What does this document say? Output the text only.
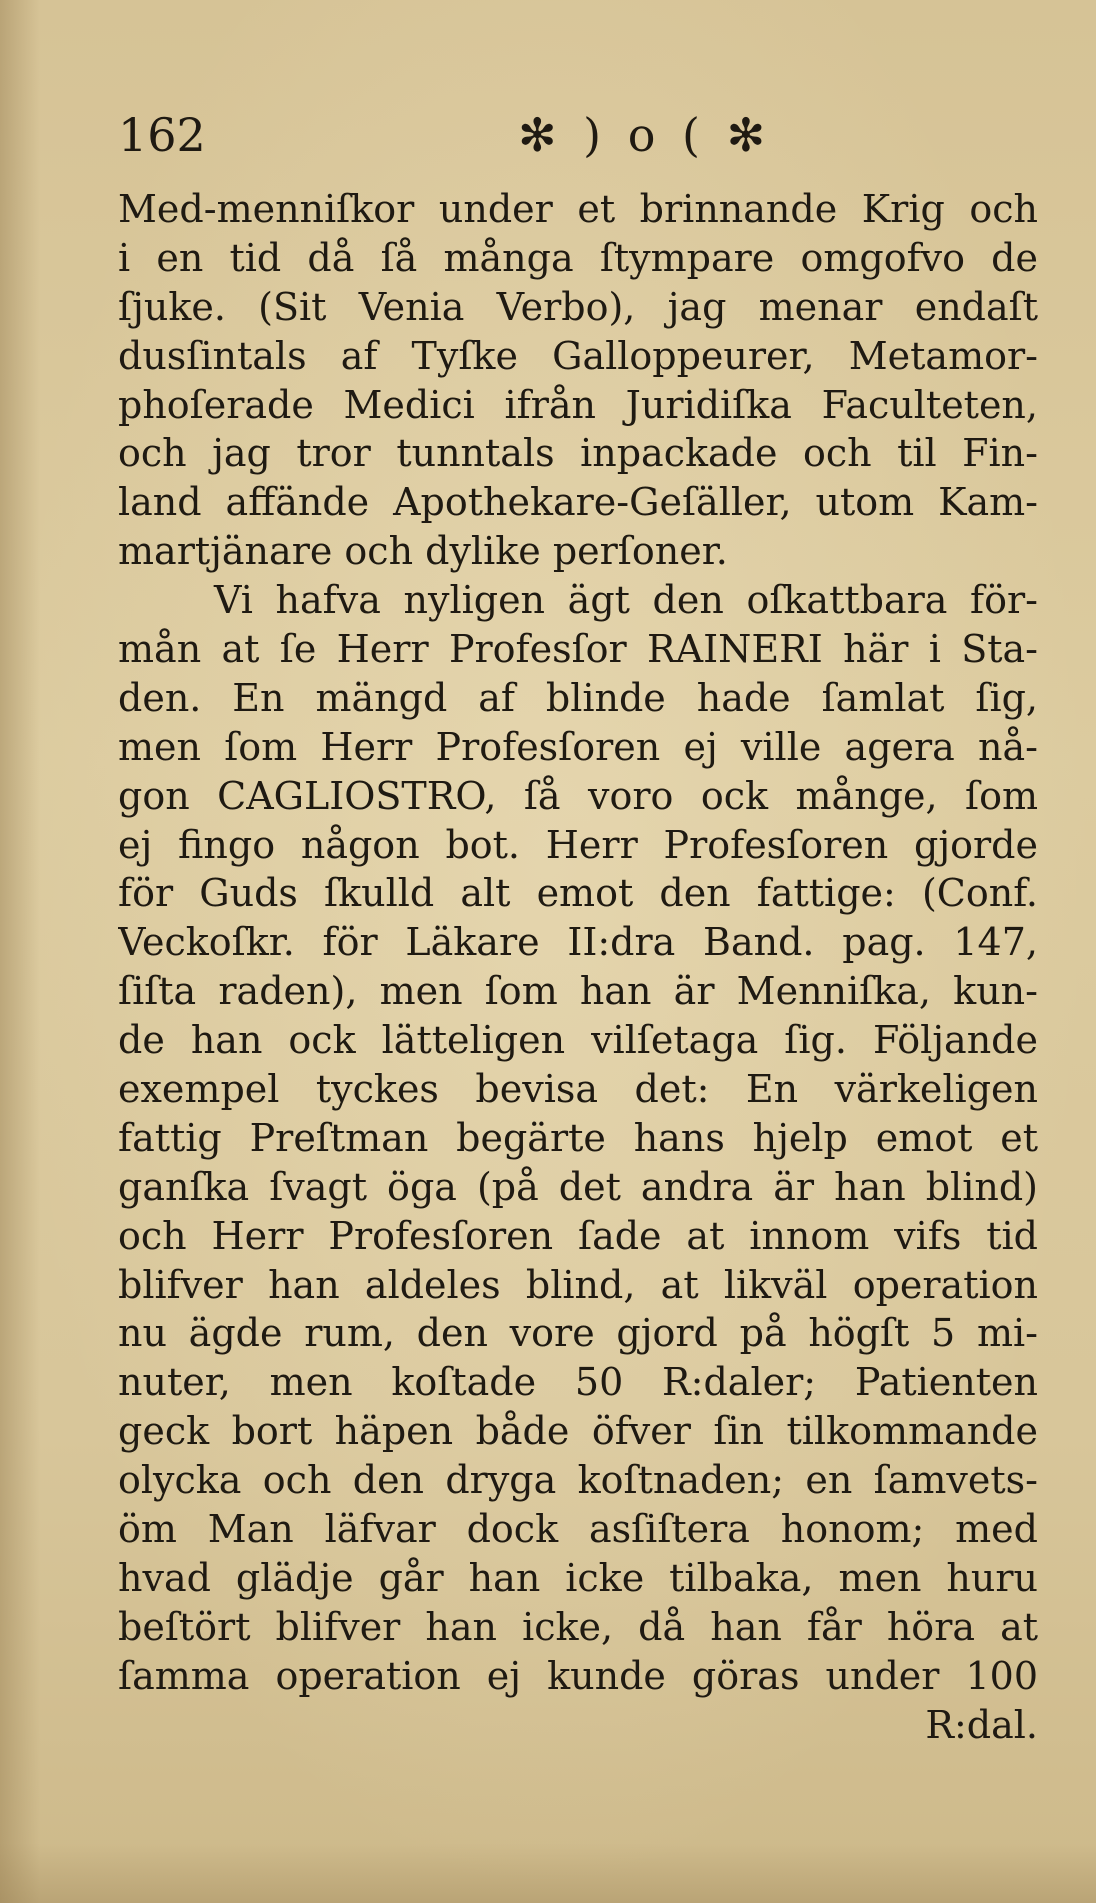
162	✻ ) o ( ✻
Med-menniſkor under et brinnande Krig och
i en tid då ſå många ſtympare omgofvo de
ſjuke. (Sit Venia Verbo), jag menar endaſt
dusſintals af Tyſke Galloppeurer, Metamor-
phoſerade Medici ifrån Juridiſka Faculteten,
och jag tror tunntals inpackade och til Fin-
land affände Apothekare-Geſäller, utom Kam-
martjänare och dylike perſoner.
Vi hafva nyligen ägt den oſkattbara för-
mån at ſe Herr Profesſor RAINERI här i Sta-
den. En mängd af blinde hade ſamlat ſig,
men ſom Herr Profesſoren ej ville agera nå-
gon CAGLIOSTRO, ſå voro ock månge, ſom
ej fingo någon bot. Herr Profesſoren gjorde
för Guds ſkulld alt emot den fattige: (Conf.
Veckoſkr. för Läkare II:dra Band. pag. 147,
ſiſta raden), men ſom han är Menniſka, kun-
de han ock lätteligen vilſetaga ſig. Följande
exempel tyckes bevisa det: En värkeligen
fattig Preſtman begärte hans hjelp emot et
ganſka ſvagt öga (på det andra är han blind)
och Herr Profesſoren ſade at innom vifs tid
blifver han aldeles blind, at likväl operation
nu ägde rum, den vore gjord på högſt 5 mi-
nuter, men koſtade 50 R:daler; Patienten
geck bort häpen både öfver ſin tilkommande
olycka och den dryga koſtnaden; en ſamvets-
öm Man läfvar dock asſiſtera honom; med
hvad glädje går han icke tilbaka, men huru
beſtört blifver han icke, då han får höra at
ſamma operation ej kunde göras under 100
R:dal.
